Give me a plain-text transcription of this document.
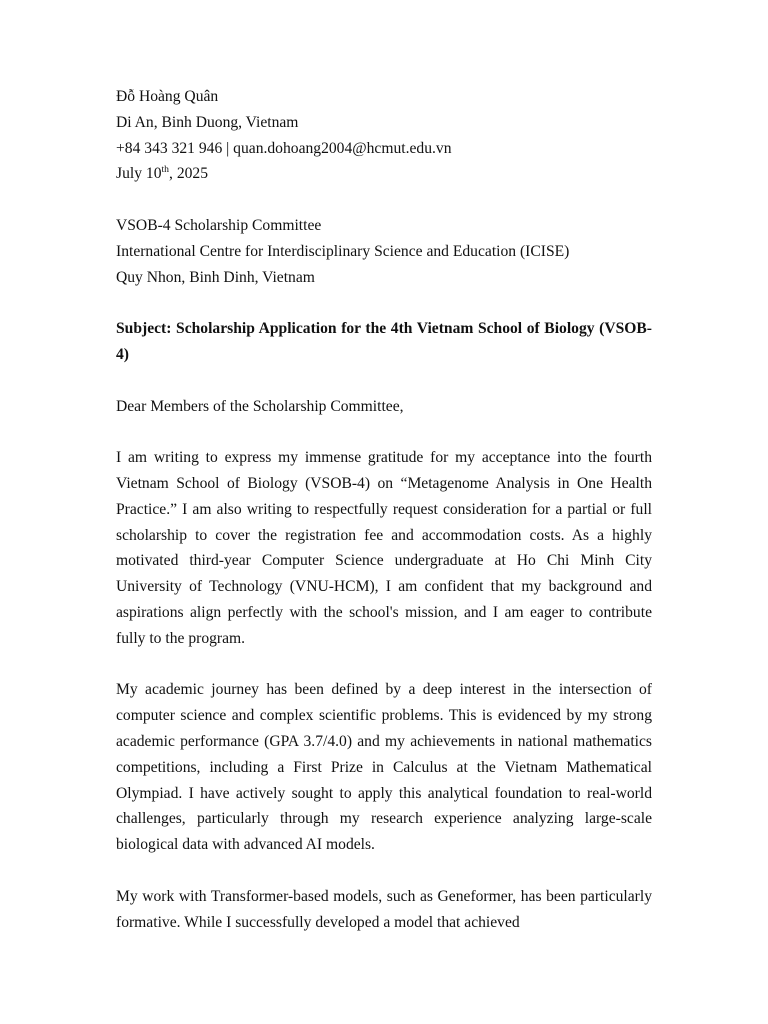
Đỗ Hoàng Quân

Di An, Binh Duong, Vietnam

+84 343 321 946 | quan.dohoang2004@hcmut.edu.vn

July 10th, 2025

VSOB-4 Scholarship Committee

International Centre for Interdisciplinary Science and Education (ICISE)

Quy Nhon, Binh Dinh, Vietnam

Subject: Scholarship Application for the 4th Vietnam School of Biology (VSOB-4)

Dear Members of the Scholarship Committee,

I am writing to express my immense gratitude for my acceptance into the fourth Vietnam School of Biology (VSOB-4) on “Metagenome Analysis in One Health Practice.” I am also writing to respectfully request consideration for a partial or full scholarship to cover the registration fee and accommodation costs. As a highly motivated third-year Computer Science undergraduate at Ho Chi Minh City University of Technology (VNU-HCM), I am confident that my background and aspirations align perfectly with the school's mission, and I am eager to contribute fully to the program.

My academic journey has been defined by a deep interest in the intersection of computer science and complex scientific problems. This is evidenced by my strong academic performance (GPA 3.7/4.0) and my achievements in national mathematics competitions, including a First Prize in Calculus at the Vietnam Mathematical Olympiad. I have actively sought to apply this analytical foundation to real-world challenges, particularly through my research experience analyzing large-scale biological data with advanced AI models.

My work with Transformer-based models, such as Geneformer, has been particularly formative. While I successfully developed a model that achieved
